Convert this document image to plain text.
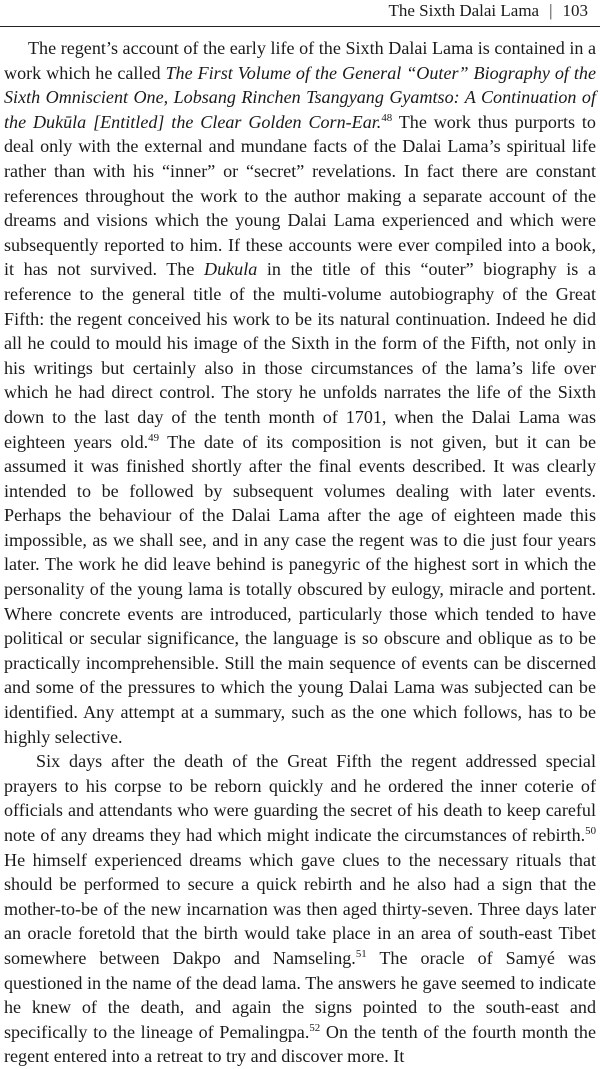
The Sixth Dalai Lama | 103

The regent’s account of the early life of the Sixth Dalai Lama is contained in a work which he called The First Volume of the General “Outer” Biography of the Sixth Omniscient One, Lobsang Rinchen Tsangyang Gyamtso: A Continuation of the Dukūla [Entitled] the Clear Golden Corn-Ear.$^{48}$ The work thus purports to deal only with the external and mundane facts of the Dalai Lama’s spiritual life rather than with his “inner” or “secret” revelations. In fact there are constant references throughout the work to the author making a separate account of the dreams and visions which the young Dalai Lama experienced and which were subsequently reported to him. If these accounts were ever compiled into a book, it has not survived. The Dukula in the title of this “outer” biography is a reference to the general title of the multi-volume autobiography of the Great Fifth: the regent conceived his work to be its natural continuation. Indeed he did all he could to mould his image of the Sixth in the form of the Fifth, not only in his writings but certainly also in those circumstances of the lama’s life over which he had direct control. The story he unfolds narrates the life of the Sixth down to the last day of the tenth month of 1701, when the Dalai Lama was eighteen years old.$^{49}$ The date of its composition is not given, but it can be assumed it was finished shortly after the final events described. It was clearly intended to be followed by subsequent volumes dealing with later events. Perhaps the behaviour of the Dalai Lama after the age of eighteen made this impossible, as we shall see, and in any case the regent was to die just four years later. The work he did leave behind is panegyric of the highest sort in which the personality of the young lama is totally obscured by eulogy, miracle and portent. Where concrete events are introduced, particularly those which tended to have political or secular significance, the language is so obscure and oblique as to be practically incomprehensible. Still the main sequence of events can be discerned and some of the pressures to which the young Dalai Lama was subjected can be identified. Any attempt at a summary, such as the one which follows, has to be highly selective.

Six days after the death of the Great Fifth the regent addressed special prayers to his corpse to be reborn quickly and he ordered the inner coterie of officials and attendants who were guarding the secret of his death to keep careful note of any dreams they had which might indicate the circumstances of rebirth.$^{50}$ He himself experienced dreams which gave clues to the necessary rituals that should be performed to secure a quick rebirth and he also had a sign that the mother-to-be of the new incarnation was then aged thirty-seven. Three days later an oracle foretold that the birth would take place in an area of south-east Tibet somewhere between Dakpo and Namseling.$^{51}$ The oracle of Samyé was questioned in the name of the dead lama. The answers he gave seemed to indicate he knew of the death, and again the signs pointed to the south-east and specifically to the lineage of Pemalingpa.$^{52}$ On the tenth of the fourth month the regent entered into a retreat to try and discover more. It
